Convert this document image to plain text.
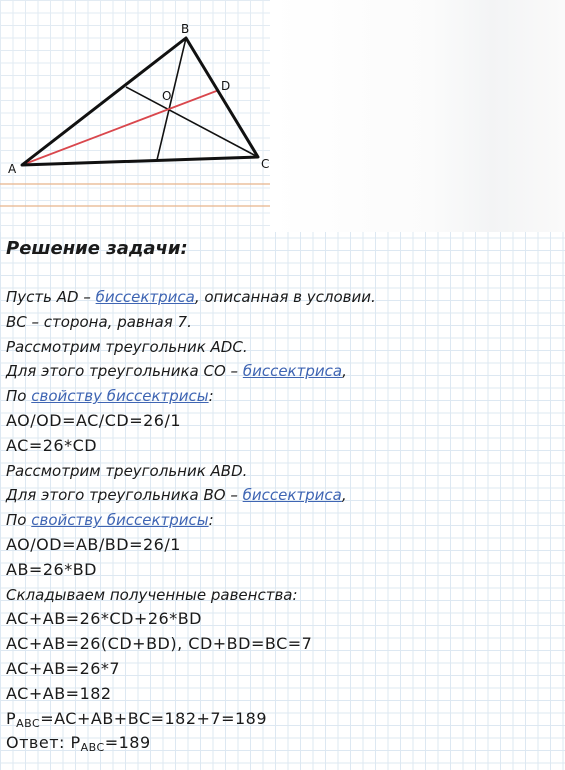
A
B
C
D
O
Решение задачи:
Пусть AD – биссектриса, описанная в условии.
BC – сторона, равная 7.
Рассмотрим треугольник ADC.
Для этого треугольника CO – биссектриса,
По свойству биссектрисы:
AO/OD=AC/CD=26/1
AC=26*CD
Рассмотрим треугольник ABD.
Для этого треугольника BO – биссектриса,
По свойству биссектрисы:
AO/OD=AB/BD=26/1
AB=26*BD
Складываем полученные равенства:
AC+AB=26*CD+26*BD
AC+AB=26(CD+BD), CD+BD=BC=7
AC+AB=26*7
AC+AB=182
$P_{ABC}=AC+AB+BC=182+7=189$
Ответ: $P_{ABC}=189$
